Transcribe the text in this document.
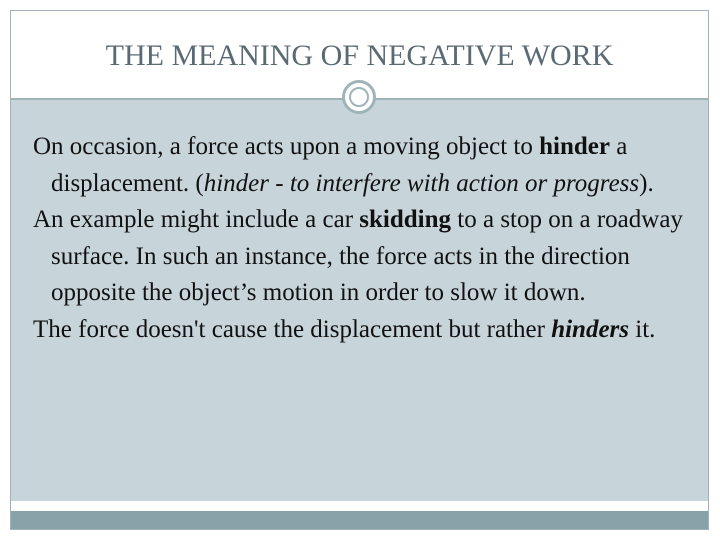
THE MEANING OF NEGATIVE WORK

On occasion, a force acts upon a moving object to hinder a displacement. (hinder - to interfere with action or progress).

An example might include a car skidding to a stop on a roadway surface. In such an instance, the force acts in the direction opposite the object’s motion in order to slow it down.

The force doesn't cause the displacement but rather hinders it.
